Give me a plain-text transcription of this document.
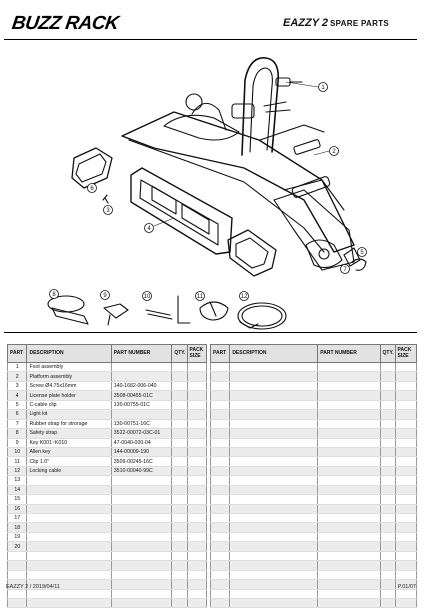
BUZZ RACK	EAZZY 2 SPARE PARTS
1
2
3
4
5
6
7
8	9	10	11	12
PART	DESCRIPTION	PART NUMBER	QTY.	PACK SIZE
1	Foot assembly			
2	Platform assembly			
3	Screw Ø4.75x16mm	140-1682-006-040		
4	License plate holder	3508-00455-01C		
5	C-cable clip	130-00755-01C		
6	Light kit			
7	Rubber strap for strorage	130-00751-16C		
8	Safety strap	3522-00072-03C-01		
9	Key K001~K010	47-0040-000-04		
10	Allen key	144-00009-190		
11	Clip 1.0"	3509-00245-16C		
12	Locking cable	3510-00040-99C		
13				
14				
15				
16				
17				
18				
19				
20				

PART	DESCRIPTION	PART NUMBER	QTY.	PACK SIZE

EAZZY 2 / 2019/04/11	P.01/07
